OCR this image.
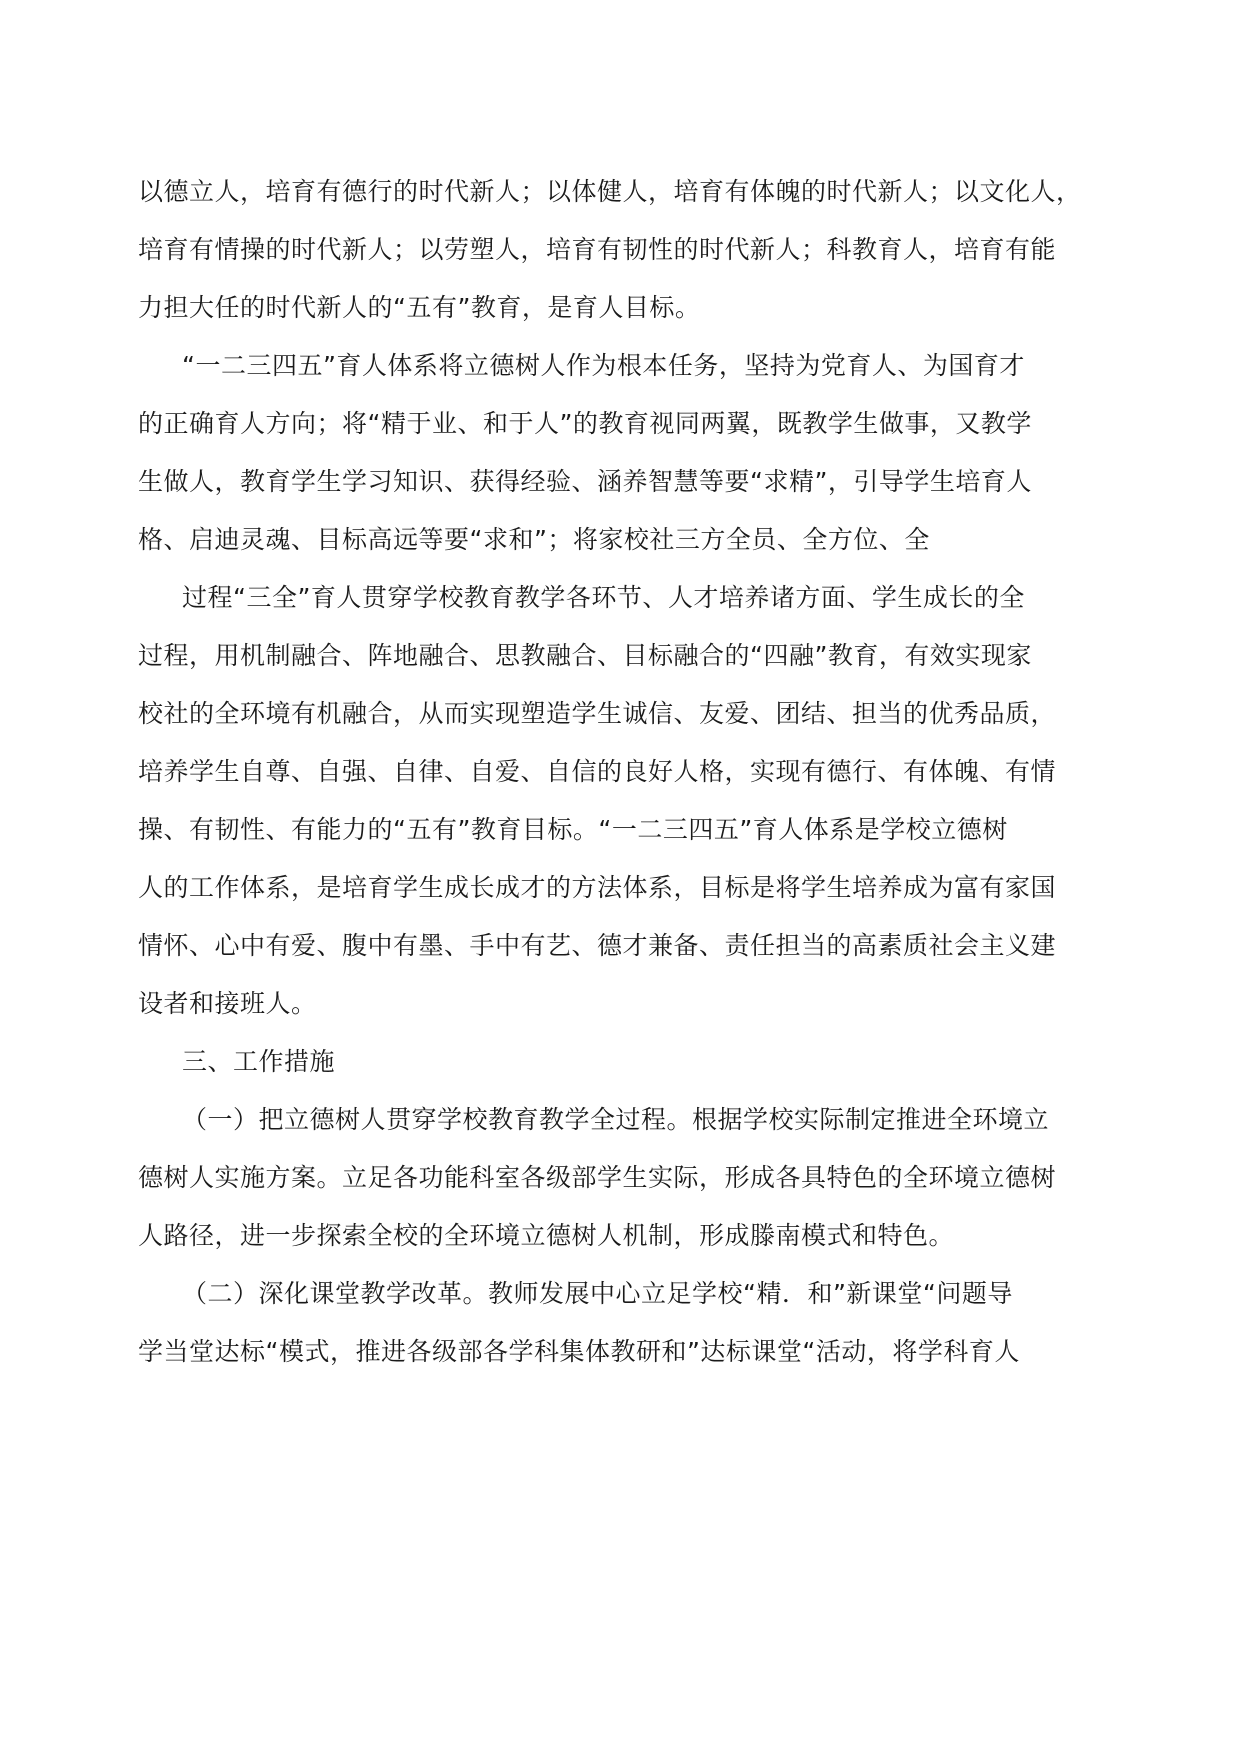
以德立人，培育有德行的时代新人；以体健人，培育有体魄的时代新人；以文化人，
培育有情操的时代新人；以劳塑人，培育有韧性的时代新人；科教育人，培育有能
力担大任的时代新人的“五有”教育，是育人目标。
“一二三四五”育人体系将立德树人作为根本任务，坚持为党育人、为国育才
的正确育人方向；将“精于业、和于人”的教育视同两翼，既教学生做事，又教学
生做人，教育学生学习知识、获得经验、涵养智慧等要“求精”，引导学生培育人
格、启迪灵魂、目标高远等要“求和”；将家校社三方全员、全方位、全
过程“三全”育人贯穿学校教育教学各环节、人才培养诸方面、学生成长的全
过程，用机制融合、阵地融合、思教融合、目标融合的“四融”教育，有效实现家
校社的全环境有机融合，从而实现塑造学生诚信、友爱、团结、担当的优秀品质，
培养学生自尊、自强、自律、自爱、自信的良好人格，实现有德行、有体魄、有情
操、有韧性、有能力的“五有”教育目标。“一二三四五”育人体系是学校立德树
人的工作体系，是培育学生成长成才的方法体系，目标是将学生培养成为富有家国
情怀、心中有爱、腹中有墨、手中有艺、德才兼备、责任担当的高素质社会主义建
设者和接班人。
三、工作措施
（一）把立德树人贯穿学校教育教学全过程。根据学校实际制定推进全环境立
德树人实施方案。立足各功能科室各级部学生实际，形成各具特色的全环境立德树
人路径，进一步探索全校的全环境立德树人机制，形成滕南模式和特色。
（二）深化课堂教学改革。教师发展中心立足学校“精．和”新课堂“问题导
学当堂达标“模式，推进各级部各学科集体教研和”达标课堂“活动，将学科育人
